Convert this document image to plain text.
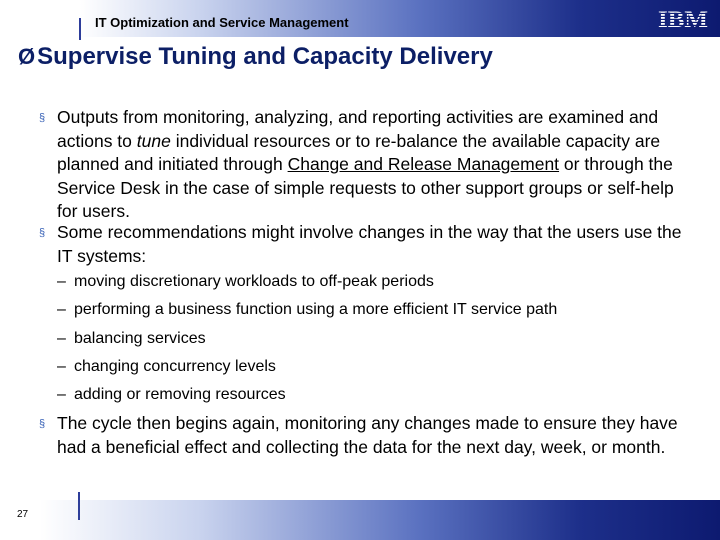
IT Optimization and Service Management	IBM
ØSupervise Tuning and Capacity Delivery
§ Outputs from monitoring, analyzing, and reporting activities are examined and actions to tune individual resources or to re-balance the available capacity are planned and initiated through Change and Release Management or through the Service Desk in the case of simple requests to other support groups or self-help for users.
§ Some recommendations might involve changes in the way that the users use the IT systems:
– moving discretionary workloads to off-peak periods
– performing a business function using a more efficient IT service path
– balancing services
– changing concurrency levels
– adding or removing resources
§ The cycle then begins again, monitoring any changes made to ensure they have had a beneficial effect and collecting the data for the next day, week, or month.
27
